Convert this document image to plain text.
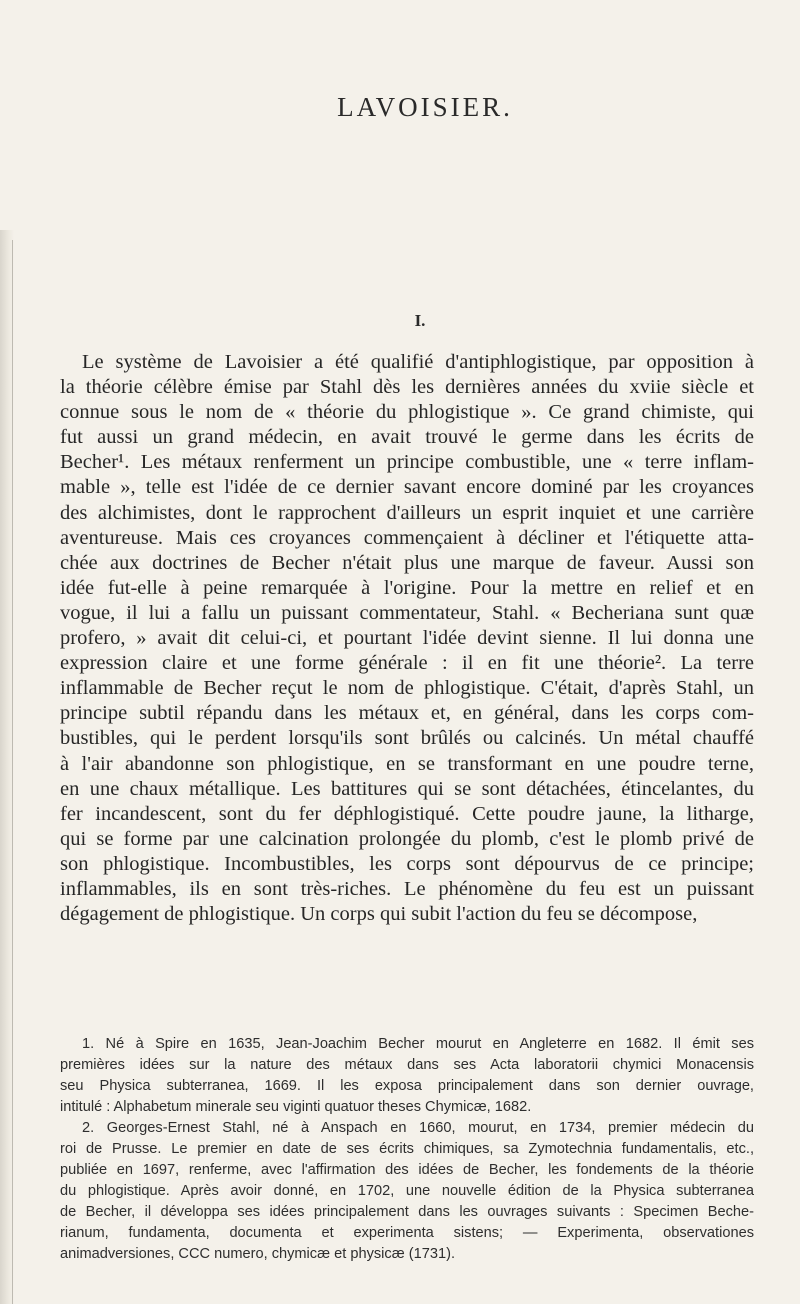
LAVOISIER.
I.
Le système de Lavoisier a été qualifié d'antiphlogistique, par opposition à
la théorie célèbre émise par Stahl dès les dernières années du xviie siècle et
connue sous le nom de « théorie du phlogistique ». Ce grand chimiste, qui
fut aussi un grand médecin, en avait trouvé le germe dans les écrits de
Becher¹. Les métaux renferment un principe combustible, une « terre inflam-
mable », telle est l'idée de ce dernier savant encore dominé par les croyances
des alchimistes, dont le rapprochent d'ailleurs un esprit inquiet et une carrière
aventureuse. Mais ces croyances commençaient à décliner et l'étiquette atta-
chée aux doctrines de Becher n'était plus une marque de faveur. Aussi son
idée fut-elle à peine remarquée à l'origine. Pour la mettre en relief et en
vogue, il lui a fallu un puissant commentateur, Stahl. « Becheriana sunt quæ
profero, » avait dit celui-ci, et pourtant l'idée devint sienne. Il lui donna une
expression claire et une forme générale : il en fit une théorie². La terre
inflammable de Becher reçut le nom de phlogistique. C'était, d'après Stahl, un
principe subtil répandu dans les métaux et, en général, dans les corps com-
bustibles, qui le perdent lorsqu'ils sont brûlés ou calcinés. Un métal chauffé
à l'air abandonne son phlogistique, en se transformant en une poudre terne,
en une chaux métallique. Les battitures qui se sont détachées, étincelantes, du
fer incandescent, sont du fer déphlogistiqué. Cette poudre jaune, la litharge,
qui se forme par une calcination prolongée du plomb, c'est le plomb privé de
son phlogistique. Incombustibles, les corps sont dépourvus de ce principe;
inflammables, ils en sont très-riches. Le phénomène du feu est un puissant
dégagement de phlogistique. Un corps qui subit l'action du feu se décompose,
1. Né à Spire en 1635, Jean-Joachim Becher mourut en Angleterre en 1682. Il émit ses
premières idées sur la nature des métaux dans ses Acta laboratorii chymici Monacensis
seu Physica subterranea, 1669. Il les exposa principalement dans son dernier ouvrage,
intitulé : Alphabetum minerale seu viginti quatuor theses Chymicæ, 1682.
2. Georges-Ernest Stahl, né à Anspach en 1660, mourut, en 1734, premier médecin du
roi de Prusse. Le premier en date de ses écrits chimiques, sa Zymotechnia fundamentalis, etc.,
publiée en 1697, renferme, avec l'affirmation des idées de Becher, les fondements de la théorie
du phlogistique. Après avoir donné, en 1702, une nouvelle édition de la Physica subterranea
de Becher, il développa ses idées principalement dans les ouvrages suivants : Specimen Beche-
rianum, fundamenta, documenta et experimenta sistens; — Experimenta, observationes
animadversiones, CCC numero, chymicæ et physicæ (1731).
